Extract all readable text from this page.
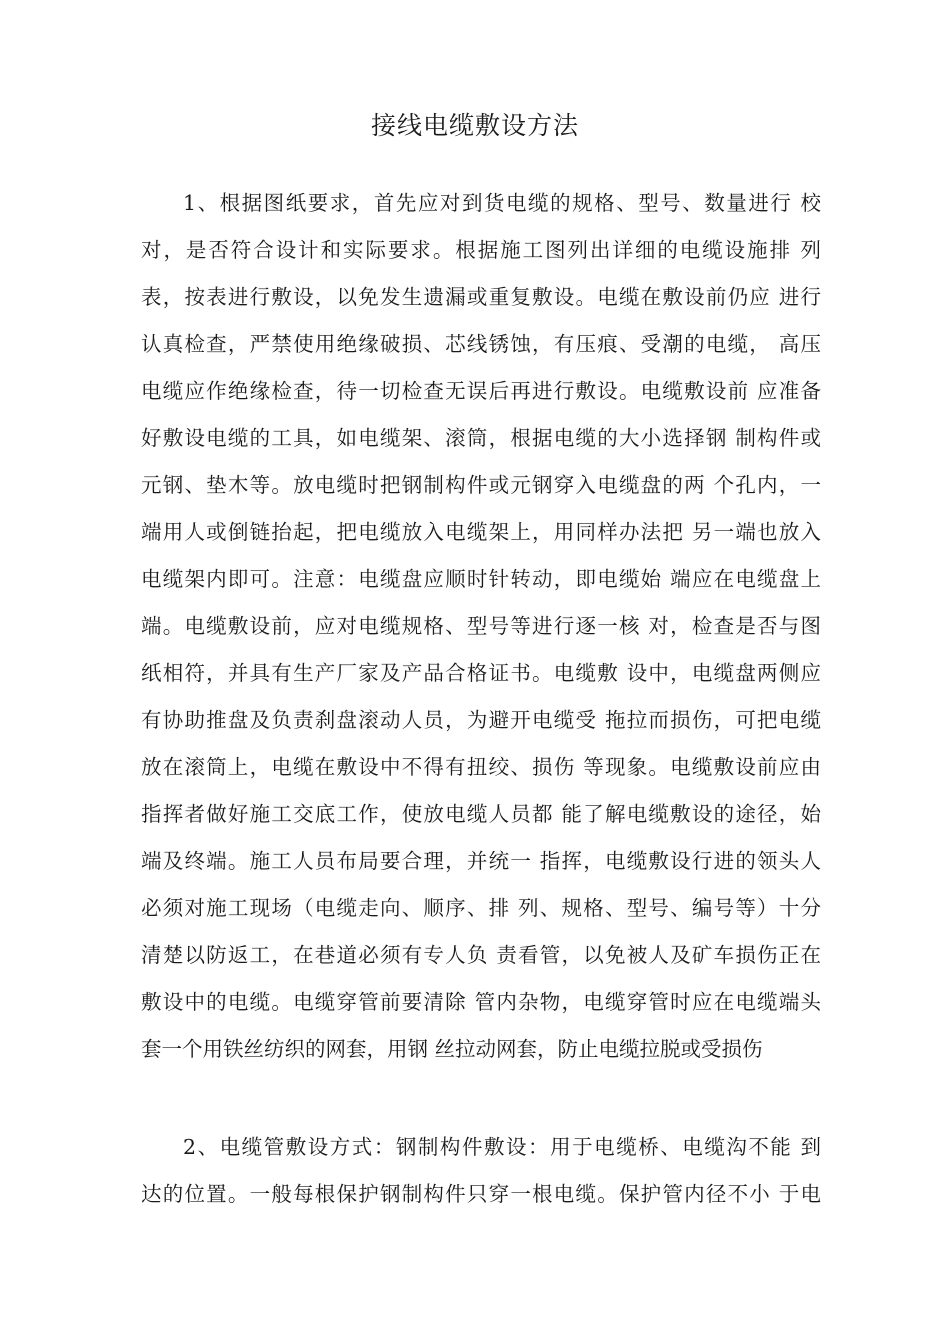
接线电缆敷设方法
1、根据图纸要求，首先应对到货电缆的规格、型号、数量进行 校
对，是否符合设计和实际要求。根据施工图列出详细的电缆设施排 列
表，按表进行敷设，以免发生遗漏或重复敷设。电缆在敷设前仍应 进行
认真检查，严禁使用绝缘破损、芯线锈蚀，有压痕、受潮的电缆， 高压
电缆应作绝缘检查，待一切检查无误后再进行敷设。电缆敷设前 应准备
好敷设电缆的工具，如电缆架、滚筒，根据电缆的大小选择钢 制构件或
元钢、垫木等。放电缆时把钢制构件或元钢穿入电缆盘的两 个孔内，一
端用人或倒链抬起，把电缆放入电缆架上，用同样办法把 另一端也放入
电缆架内即可。注意：电缆盘应顺时针转动，即电缆始 端应在电缆盘上
端。电缆敷设前，应对电缆规格、型号等进行逐一核 对，检查是否与图
纸相符，并具有生产厂家及产品合格证书。电缆敷 设中，电缆盘两侧应
有协助推盘及负责刹盘滚动人员，为避开电缆受 拖拉而损伤，可把电缆
放在滚筒上，电缆在敷设中不得有扭绞、损伤 等现象。电缆敷设前应由
指挥者做好施工交底工作，使放电缆人员都 能了解电缆敷设的途径，始
端及终端。施工人员布局要合理，并统一 指挥，电缆敷设行进的领头人
必须对施工现场（电缆走向、顺序、排 列、规格、型号、编号等）十分
清楚以防返工，在巷道必须有专人负 责看管，以免被人及矿车损伤正在
敷设中的电缆。电缆穿管前要清除 管内杂物，电缆穿管时应在电缆端头
套一个用铁丝纺织的网套，用钢 丝拉动网套，防止电缆拉脱或受损伤
2、电缆管敷设方式：钢制构件敷设：用于电缆桥、电缆沟不能 到
达的位置。一般每根保护钢制构件只穿一根电缆。保护管内径不小 于电
